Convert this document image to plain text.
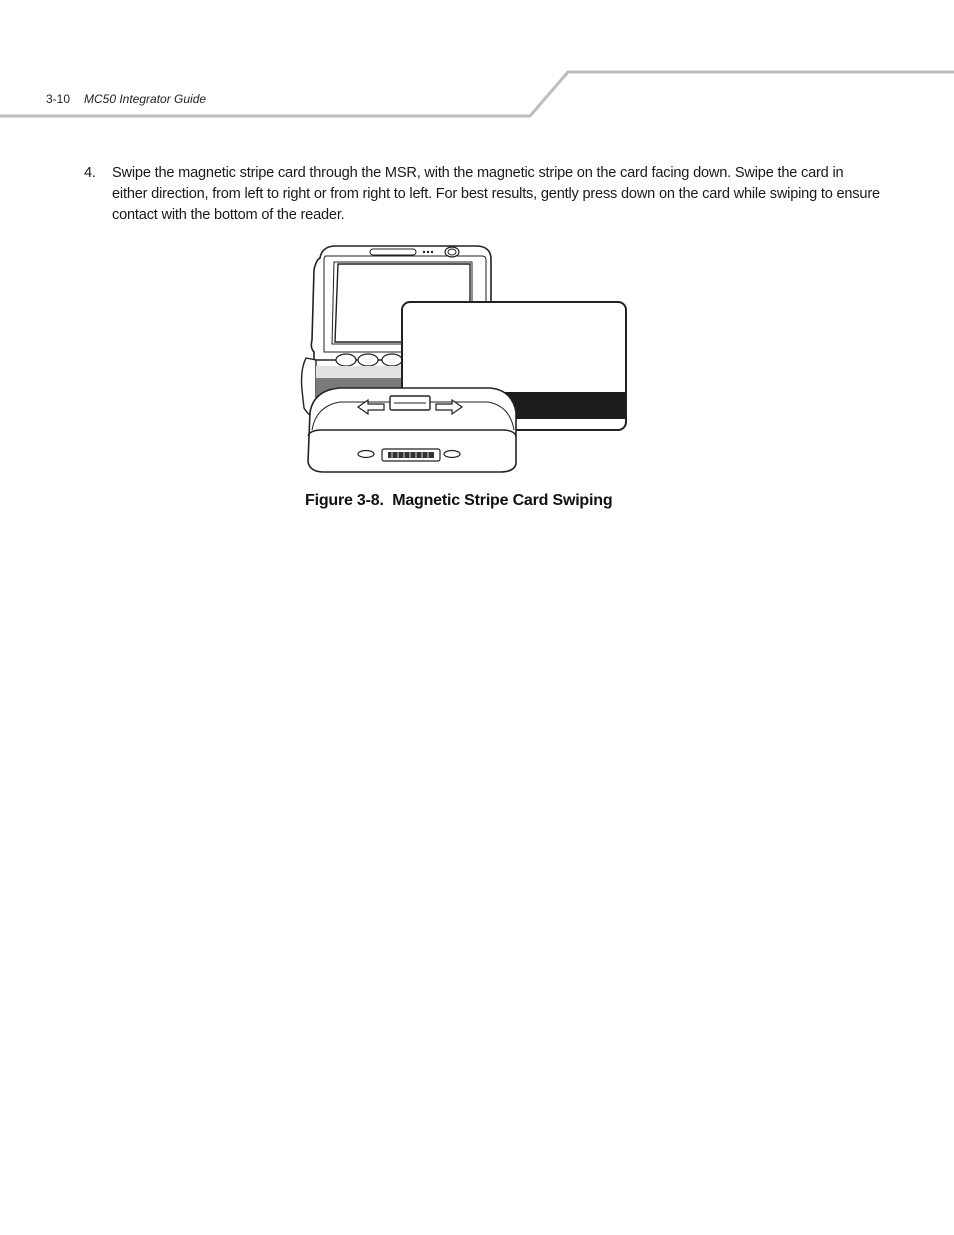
3-10 MC50 Integrator Guide
4. Swipe the magnetic stripe card through the MSR, with the magnetic stripe on the card facing down. Swipe the card in either direction, from left to right or from right to left. For best results, gently press down on the card while swiping to ensure contact with the bottom of the reader.
Figure 3-8.  Magnetic Stripe Card Swiping
